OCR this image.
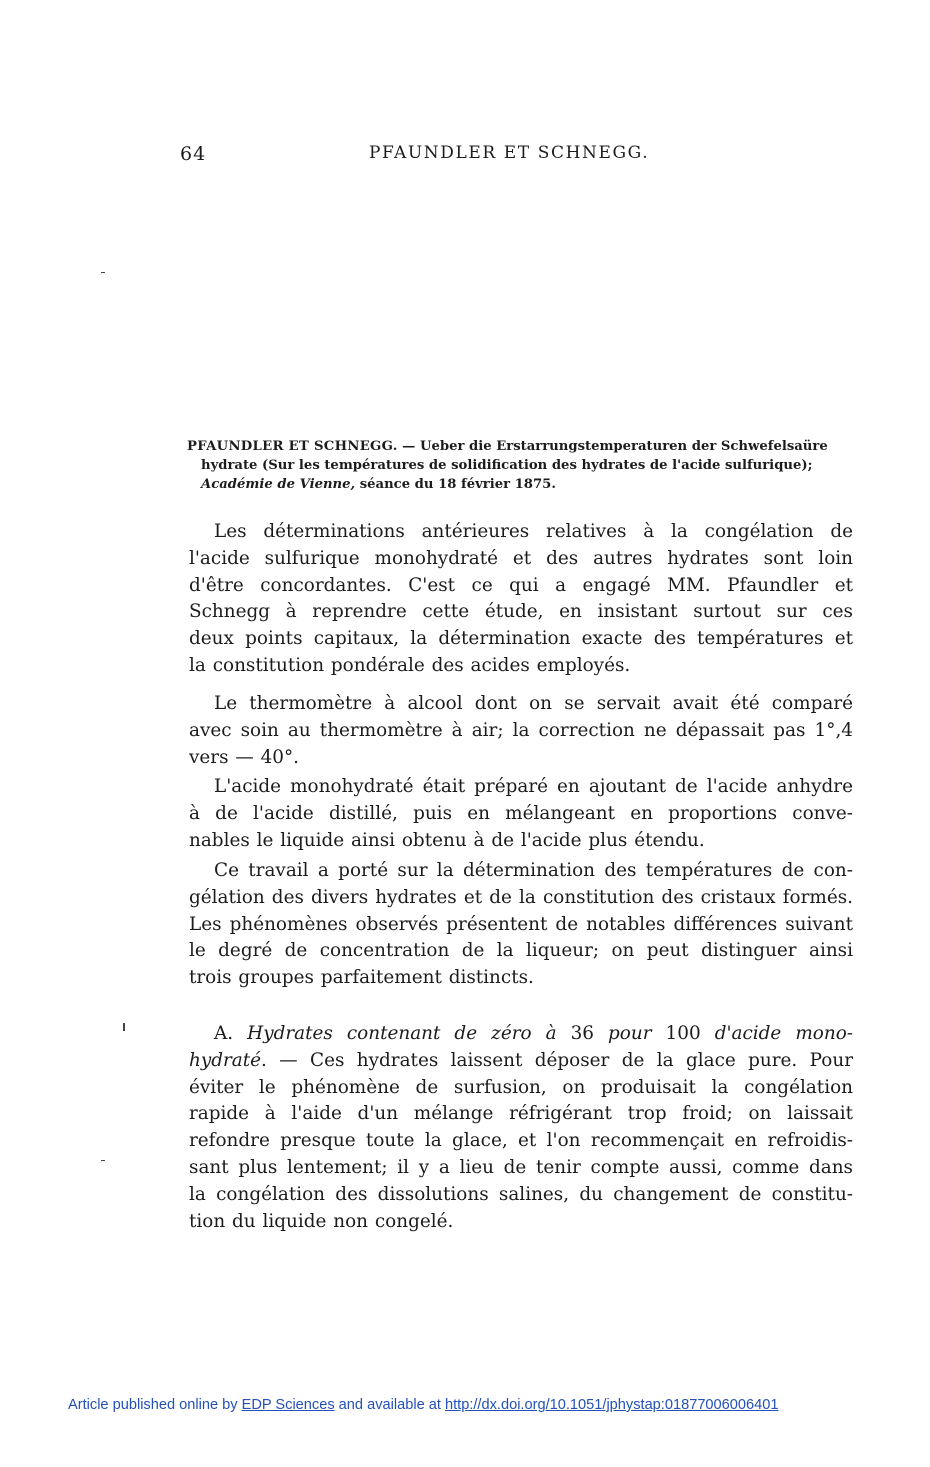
64	PFAUNDLER ET SCHNEGG.
PFAUNDLER ET SCHNEGG. — Ueber die Erstarrungstemperaturen der Schwefelsaüre
hydrate (Sur les températures de solidification des hydrates de l'acide sulfurique);
Académie de Vienne, séance du 18 février 1875.
Les déterminations antérieures relatives à la congélation de
l'acide sulfurique monohydraté et des autres hydrates sont loin
d'être concordantes. C'est ce qui a engagé MM. Pfaundler et
Schnegg à reprendre cette étude, en insistant surtout sur ces
deux points capitaux, la détermination exacte des températures et
la constitution pondérale des acides employés.
Le thermomètre à alcool dont on se servait avait été comparé
avec soin au thermomètre à air; la correction ne dépassait pas 1°,4
vers — 40°.
L'acide monohydraté était préparé en ajoutant de l'acide anhydre
à de l'acide distillé, puis en mélangeant en proportions conve-
nables le liquide ainsi obtenu à de l'acide plus étendu.
Ce travail a porté sur la détermination des températures de con-
gélation des divers hydrates et de la constitution des cristaux formés.
Les phénomènes observés présentent de notables différences suivant
le degré de concentration de la liqueur; on peut distinguer ainsi
trois groupes parfaitement distincts.
A. Hydrates contenant de zéro à 36 pour 100 d'acide mono-
hydraté. — Ces hydrates laissent déposer de la glace pure. Pour
éviter le phénomène de surfusion, on produisait la congélation
rapide à l'aide d'un mélange réfrigérant trop froid; on laissait
refondre presque toute la glace, et l'on recommençait en refroidis-
sant plus lentement; il y a lieu de tenir compte aussi, comme dans
la congélation des dissolutions salines, du changement de constitu-
tion du liquide non congelé.
Article published online by EDP Sciences and available at http://dx.doi.org/10.1051/jphystap:01877006006401
